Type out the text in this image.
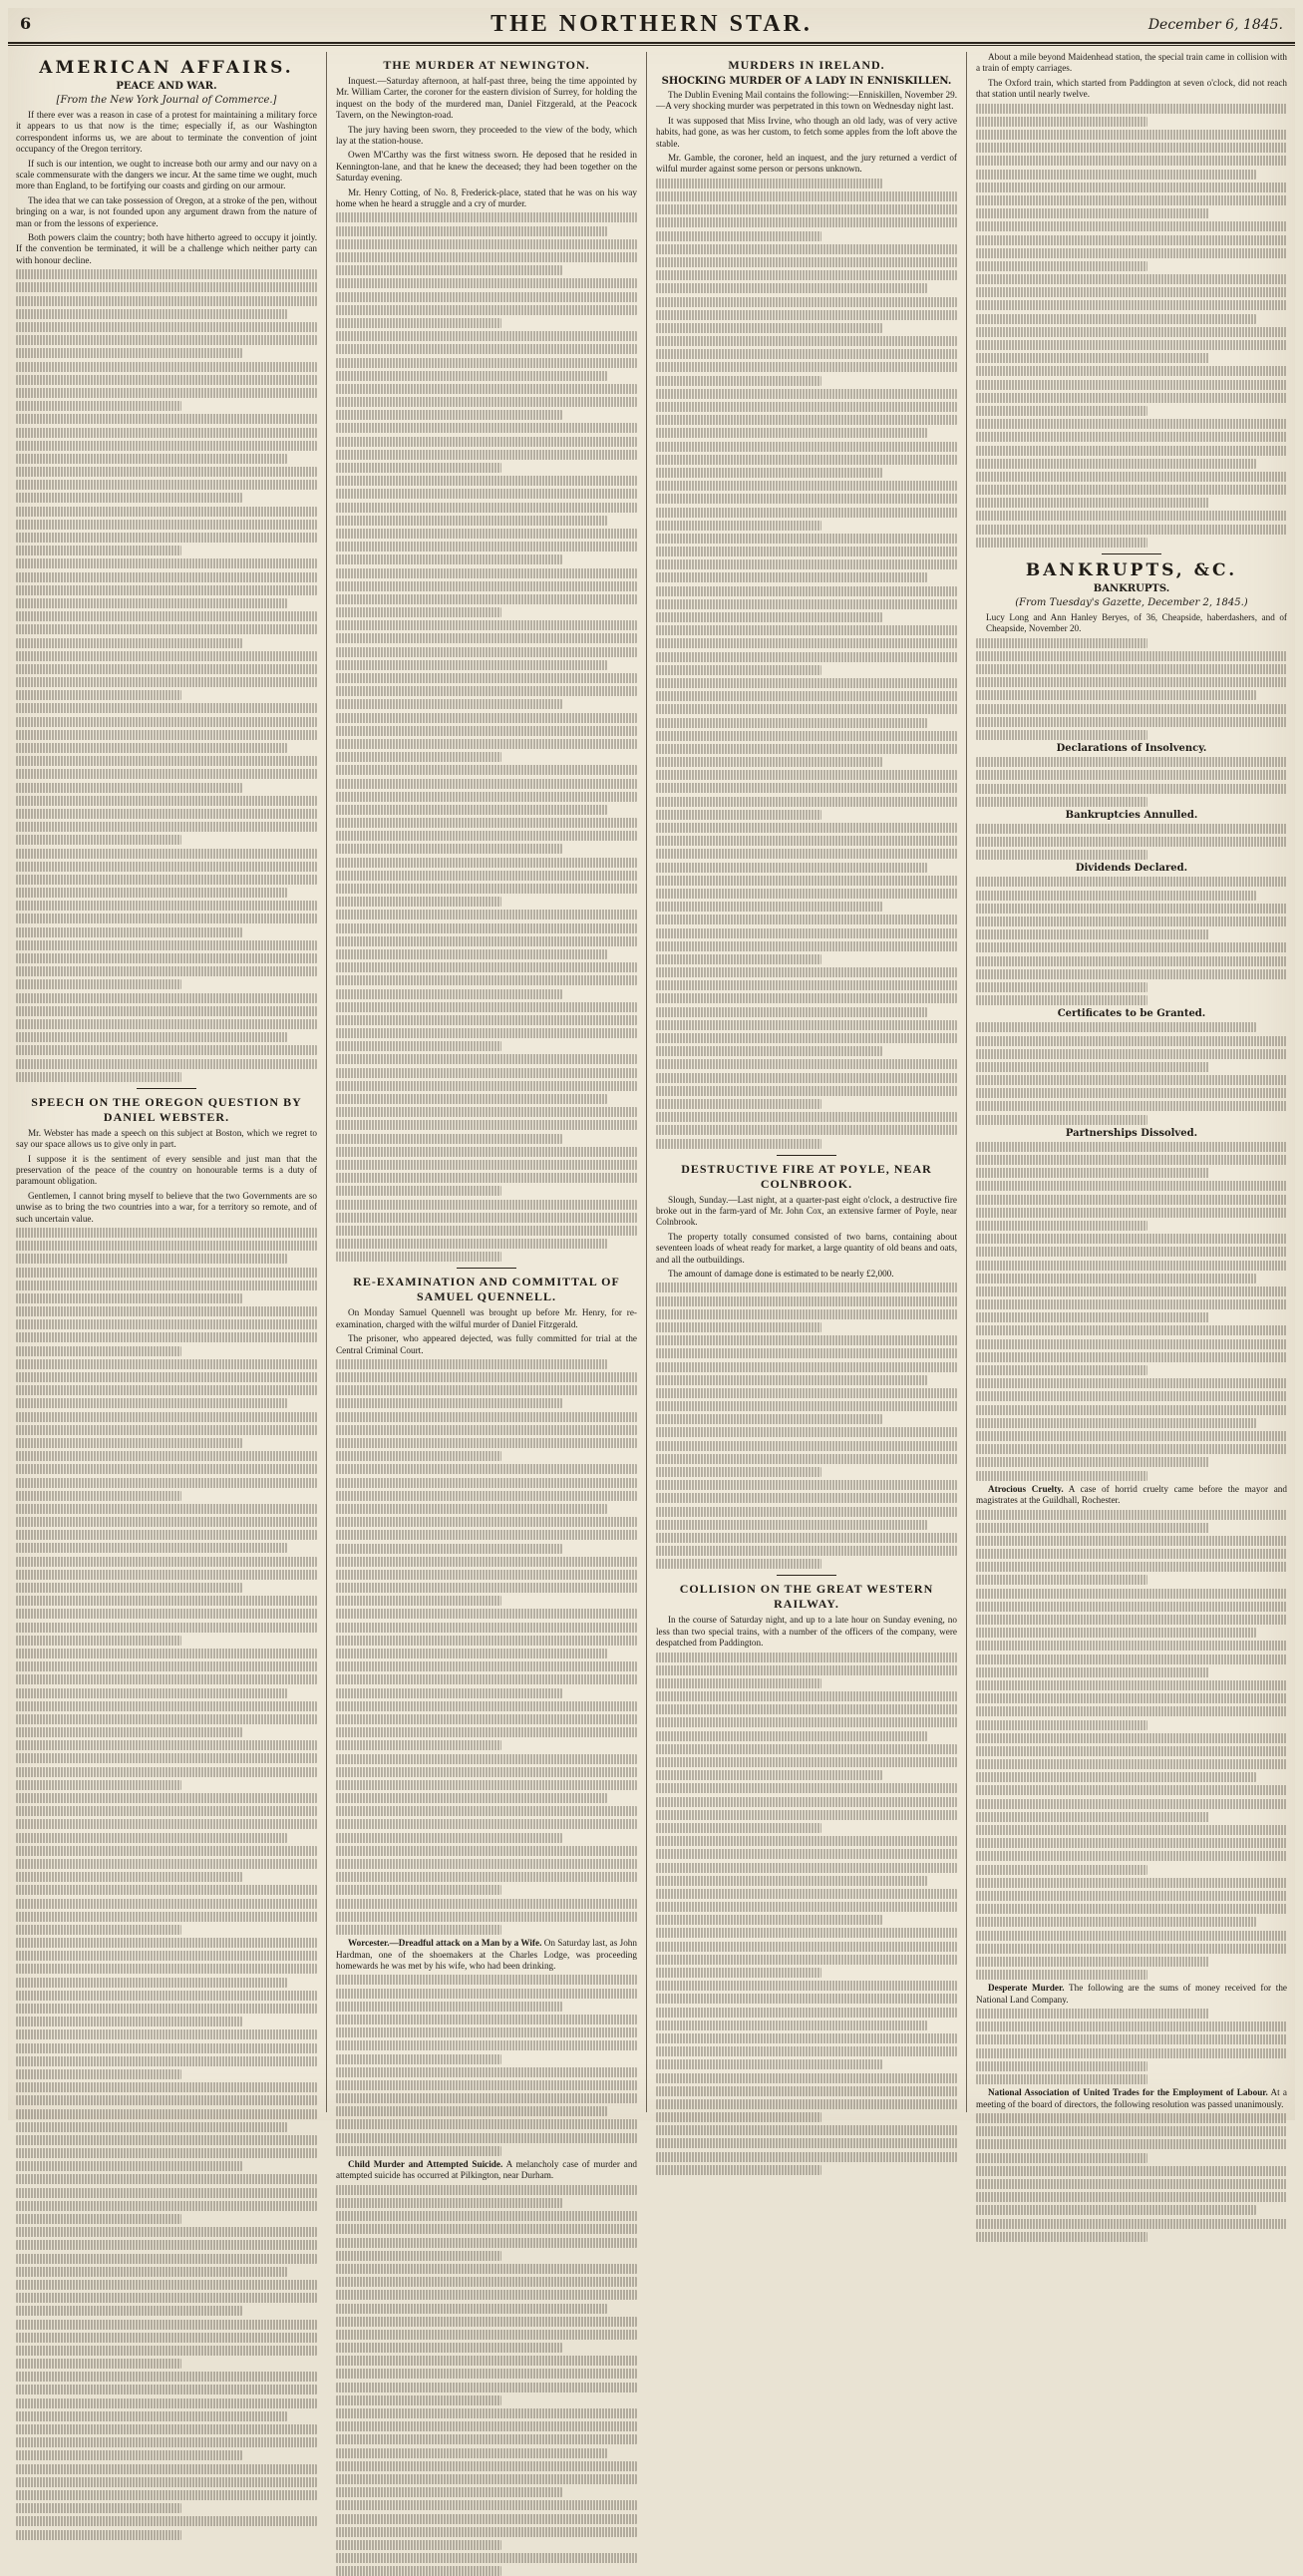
6	THE NORTHERN STAR.	December 6, 1845.
AMERICAN AFFAIRS.
PEACE AND WAR.
[From the New York Journal of Commerce.]

If there ever was a reason in case of a protest for maintaining a military force it appears to us that now is the time; especially if, as our Washington correspondent informs us, we are about to terminate the convention of joint occupancy of the Oregon territory.

If such is our intention, we ought to increase both our army and our navy on a scale commensurate with the dangers we incur. At the same time we ought, much more than England, to be fortifying our coasts and girding on our armour.

The idea that we can take possession of Oregon, at a stroke of the pen, without bringing on a war, is not founded upon any argument drawn from the nature of man or from the lessons of experience.

Both powers claim the country; both have hitherto agreed to occupy it jointly. If the convention be terminated, it will be a challenge which neither party can with honour decline.

SPEECH ON THE OREGON QUESTION BY DANIEL WEBSTER.

Mr. Webster has made a speech on this subject at Boston, which we regret to say our space allows us to give only in part.

I suppose it is the sentiment of every sensible and just man that the preservation of the peace of the country on honourable terms is a duty of paramount obligation.

Gentlemen, I cannot bring myself to believe that the two Governments are so unwise as to bring the two countries into a war, for a territory so remote, and of such uncertain value.

THE MURDER AT NEWINGTON.

Inquest.—Saturday afternoon, at half-past three, being the time appointed by Mr. William Carter, the coroner for the eastern division of Surrey, for holding the inquest on the body of the murdered man, Daniel Fitzgerald, at the Peacock Tavern, on the Newington-road.

The jury having been sworn, they proceeded to the view of the body, which lay at the station-house.

Owen M'Carthy was the first witness sworn. He deposed that he resided in Kennington-lane, and that he knew the deceased; they had been together on the Saturday evening.

Mr. Henry Cotting, of No. 8, Frederick-place, stated that he was on his way home when he heard a struggle and a cry of murder.

RE-EXAMINATION AND COMMITTAL OF SAMUEL QUENNELL.

On Monday Samuel Quennell was brought up before Mr. Henry, for re-examination, charged with the wilful murder of Daniel Fitzgerald.

The prisoner, who appeared dejected, was fully committed for trial at the Central Criminal Court.

Worcester.—Dreadful attack on a Man by a Wife. On Saturday last, as John Hardman, one of the shoemakers at the Charles Lodge, was proceeding homewards he was met by his wife, who had been drinking.

Child Murder and Attempted Suicide. A melancholy case of murder and attempted suicide has occurred at Pilkington, near Durham.

MURDERS IN IRELAND.
SHOCKING MURDER OF A LADY IN ENNISKILLEN.

The Dublin Evening Mail contains the following:—Enniskillen, November 29.—A very shocking murder was perpetrated in this town on Wednesday night last.

It was supposed that Miss Irvine, who though an old lady, was of very active habits, had gone, as was her custom, to fetch some apples from the loft above the stable.

Mr. Gamble, the coroner, held an inquest, and the jury returned a verdict of wilful murder against some person or persons unknown.

DESTRUCTIVE FIRE AT POYLE, NEAR COLNBROOK.

Slough, Sunday.—Last night, at a quarter-past eight o'clock, a destructive fire broke out in the farm-yard of Mr. John Cox, an extensive farmer of Poyle, near Colnbrook.

The property totally consumed consisted of two barns, containing about seventeen loads of wheat ready for market, a large quantity of old beans and oats, and all the outbuildings.

The amount of damage done is estimated to be nearly £2,000.

COLLISION ON THE GREAT WESTERN RAILWAY.

In the course of Saturday night, and up to a late hour on Sunday evening, no less than two special trains, with a number of the officers of the company, were despatched from Paddington.

About a mile beyond Maidenhead station, the special train came in collision with a train of empty carriages.

The Oxford train, which started from Paddington at seven o'clock, did not reach that station until nearly twelve.

BANKRUPTS, &C.
BANKRUPTS.
(From Tuesday's Gazette, December 2, 1845.)

Lucy Long and Ann Hanley Beryes, of 36, Cheapside, haberdashers, and of Cheapside, November 20.

Declarations of Insolvency.
Bankruptcies Annulled.
Dividends Declared.
Certificates to be Granted.
Partnerships Dissolved.

Atrocious Cruelty. A case of horrid cruelty came before the mayor and magistrates at the Guildhall, Rochester.

Desperate Murder. The following are the sums of money received for the National Land Company.

National Association of United Trades for the Employment of Labour. At a meeting of the board of directors, the following resolution was passed unanimously.
